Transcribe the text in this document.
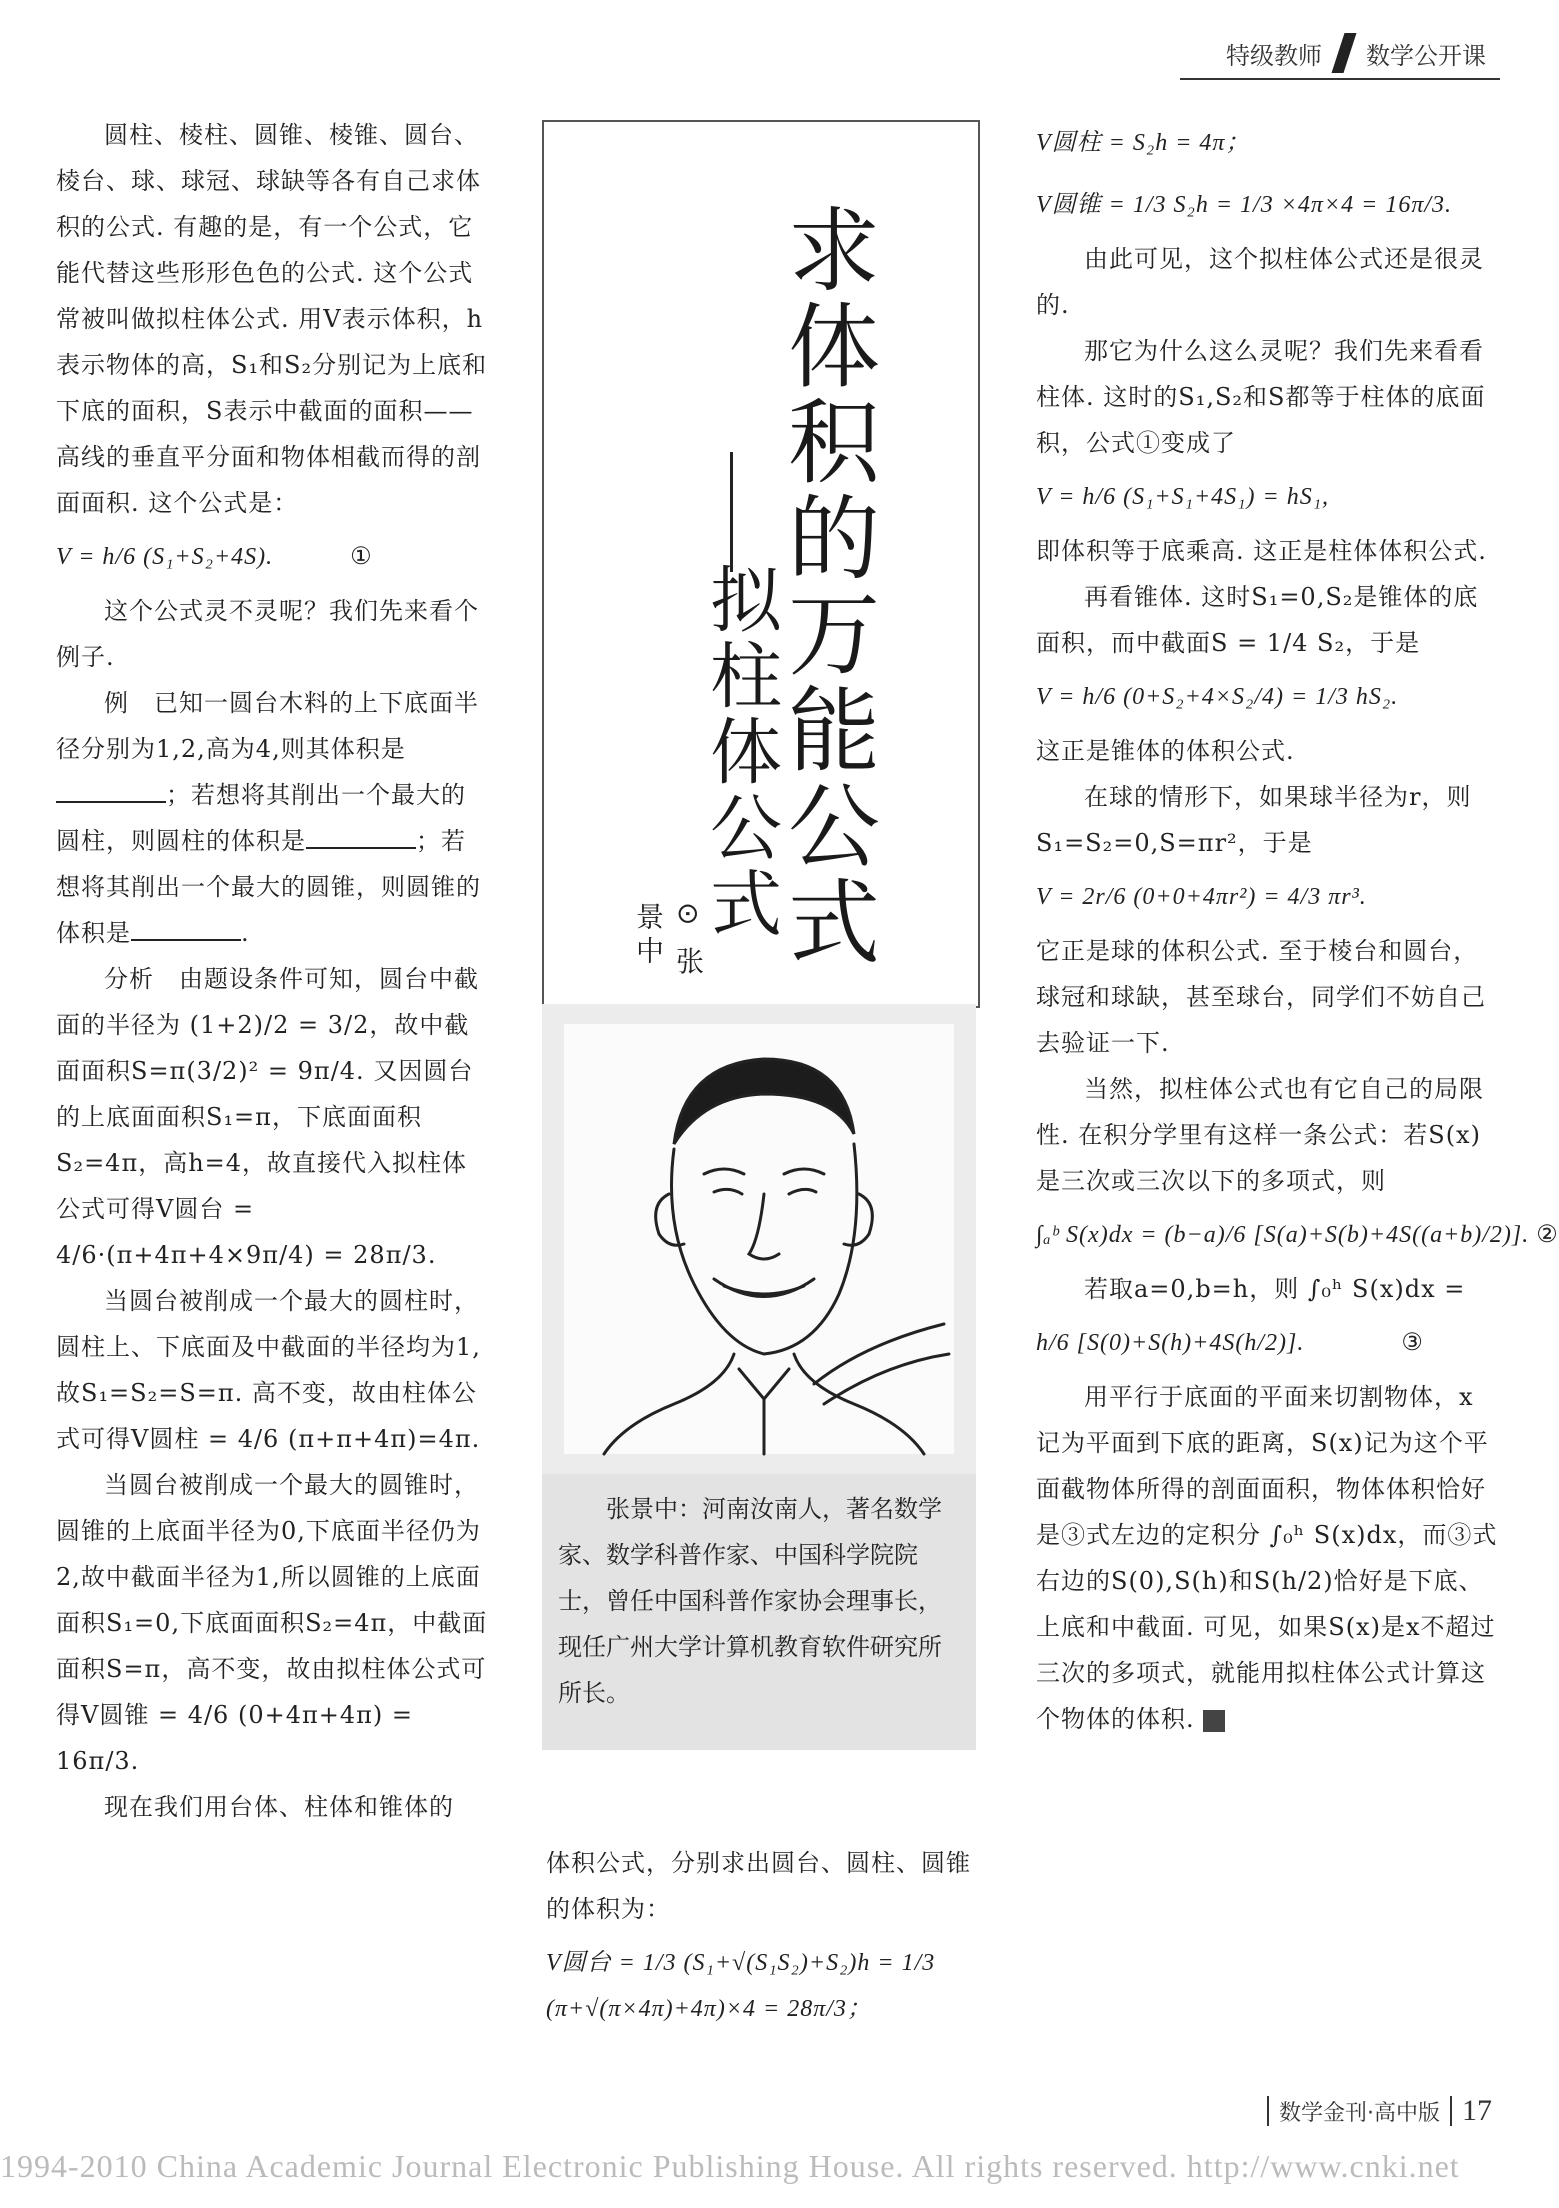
特级教师	数学公开课

圆柱、棱柱、圆锥、棱锥、圆台、棱台、球、球冠、球缺等各有自己求体积的公式. 有趣的是，有一个公式，它能代替这些形形色色的公式. 这个公式常被叫做拟柱体公式. 用V表示体积，h表示物体的高，S₁和S₂分别记为上底和下底的面积，S表示中截面的面积——高线的垂直平分面和物体相截而得的剖面面积. 这个公式是：

V = h/6 (S₁+S₂+4S).	①

这个公式灵不灵呢？我们先来看个例子.

例　已知一圆台木料的上下底面半径分别为1,2,高为4,则其体积是；若想将其削出一个最大的圆柱，则圆柱的体积是	；若想将其削出一个最大的圆锥，则圆锥的体积是	.

分析　由题设条件可知，圆台中截面的半径为 (1+2)/2 = 3/2，故中截面面积S=π(3/2)² = 9π/4. 又因圆台的上底面面积S₁=π，下底面面积S₂=4π，高h=4，故直接代入拟柱体公式可得V圆台 = 4/6·(π+4π+4×9π/4) = 28π/3.

当圆台被削成一个最大的圆柱时，圆柱上、下底面及中截面的半径均为1,故S₁=S₂=S=π. 高不变，故由柱体公式可得V圆柱 = 4/6 (π+π+4π)=4π.

当圆台被削成一个最大的圆锥时，圆锥的上底面半径为0,下底面半径仍为2,故中截面半径为1,所以圆锥的上底面面积S₁=0,下底面面积S₂=4π，中截面面积S=π，高不变，故由拟柱体公式可得V圆锥 = 4/6 (0+4π+4π) = 16π/3.

现在我们用台体、柱体和锥体的

求体积的万能公式
拟柱体公式
⊙ 张景中

张景中：河南汝南人，著名数学家、数学科普作家、中国科学院院士，曾任中国科普作家协会理事长，现任广州大学计算机教育软件研究所所长。

体积公式，分别求出圆台、圆柱、圆锥的体积为：

V圆台 = 1/3 (S₁+√(S₁S₂)+S₂)h = 1/3 (π+√(π×4π)+4π)×4 = 28π/3；
V圆柱 = S₂h = 4π；
V圆锥 = 1/3 S₂h = 1/3 ×4π×4 = 16π/3.

由此可见，这个拟柱体公式还是很灵的.

那它为什么这么灵呢？我们先来看看柱体. 这时的S₁,S₂和S都等于柱体的底面积，公式①变成了

V = h/6 (S₁+S₁+4S₁) = hS₁,

即体积等于底乘高. 这正是柱体体积公式.

再看锥体. 这时S₁=0,S₂是锥体的底面积，而中截面S = 1/4 S₂，于是

V = h/6 (0+S₂+4×S₂/4) = 1/3 hS₂.

这正是锥体的体积公式.

在球的情形下，如果球半径为r，则S₁=S₂=0,S=πr²，于是

V = 2r/6 (0+0+4πr²) = 4/3 πr³.

它正是球的体积公式. 至于棱台和圆台，球冠和球缺，甚至球台，同学们不妨自己去验证一下.

当然，拟柱体公式也有它自己的局限性. 在积分学里有这样一条公式：若S(x)是三次或三次以下的多项式，则

∫ₐᵇ S(x)dx = (b−a)/6 [S(a)+S(b)+4S((a+b)/2)]. ②

若取a=0,b=h，则 ∫₀ʰ S(x)dx =

h/6 [S(0)+S(h)+4S(h/2)].	③

用平行于底面的平面来切割物体，x记为平面到下底的距离，S(x)记为这个平面截物体所得的剖面面积，物体体积恰好是③式左边的定积分 ∫₀ʰ S(x)dx，而③式右边的S(0),S(h)和S(h/2)恰好是下底、上底和中截面. 可见，如果S(x)是x不超过三次的多项式，就能用拟柱体公式计算这个物体的体积.

数学金刊·高中版 17
1994-2010 China Academic Journal Electronic Publishing House. All rights reserved. http://www.cnki.net
